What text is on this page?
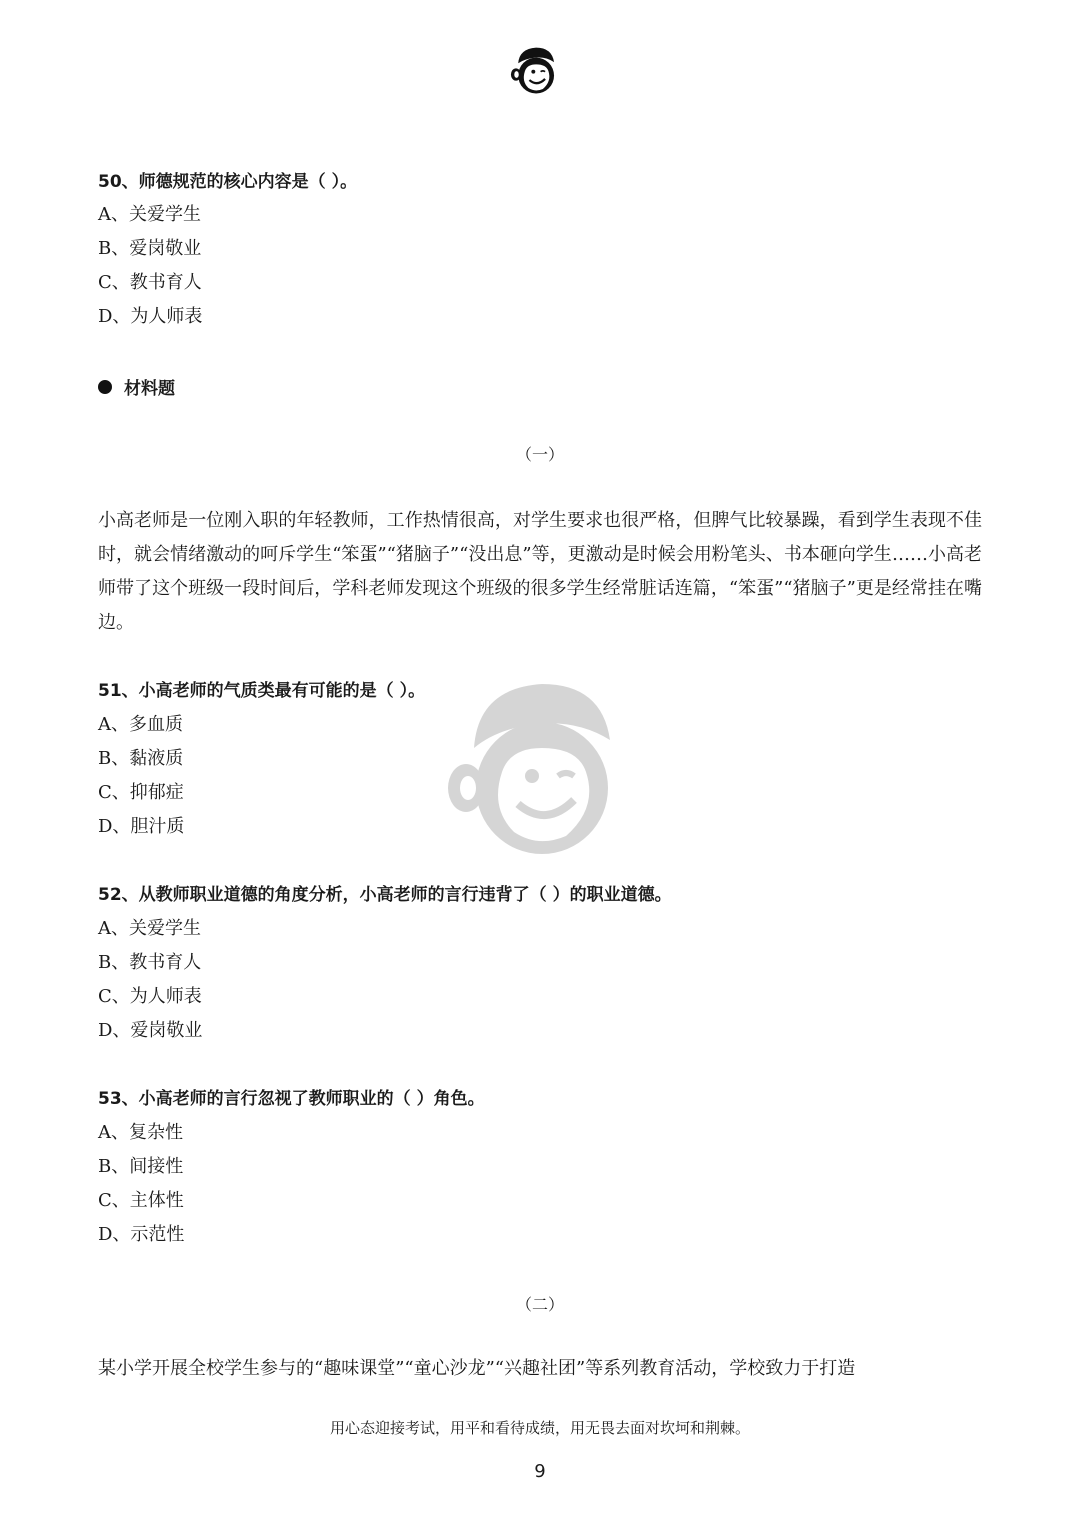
50、师德规范的核心内容是（ ）。
A、关爱学生
B、爱岗敬业
C、教书育人
D、为人师表
材料题
（一）
小高老师是一位刚入职的年轻教师，工作热情很高，对学生要求也很严格，但脾气比较暴躁，看到学生表现不佳时，就会情绪激动的呵斥学生“笨蛋”“猪脑子”“没出息”等，更激动是时候会用粉笔头、书本砸向学生……小高老师带了这个班级一段时间后，学科老师发现这个班级的很多学生经常脏话连篇，“笨蛋”“猪脑子”更是经常挂在嘴边。
51、小高老师的气质类最有可能的是（ ）。
A、多血质
B、黏液质
C、抑郁症
D、胆汁质
52、从教师职业道德的角度分析，小高老师的言行违背了（ ）的职业道德。
A、关爱学生
B、教书育人
C、为人师表
D、爱岗敬业
53、小高老师的言行忽视了教师职业的（ ）角色。
A、复杂性
B、间接性
C、主体性
D、示范性
（二）
某小学开展全校学生参与的“趣味课堂”“童心沙龙”“兴趣社团”等系列教育活动，学校致力于打造
用心态迎接考试，用平和看待成绩，用无畏去面对坎坷和荆棘。
9
